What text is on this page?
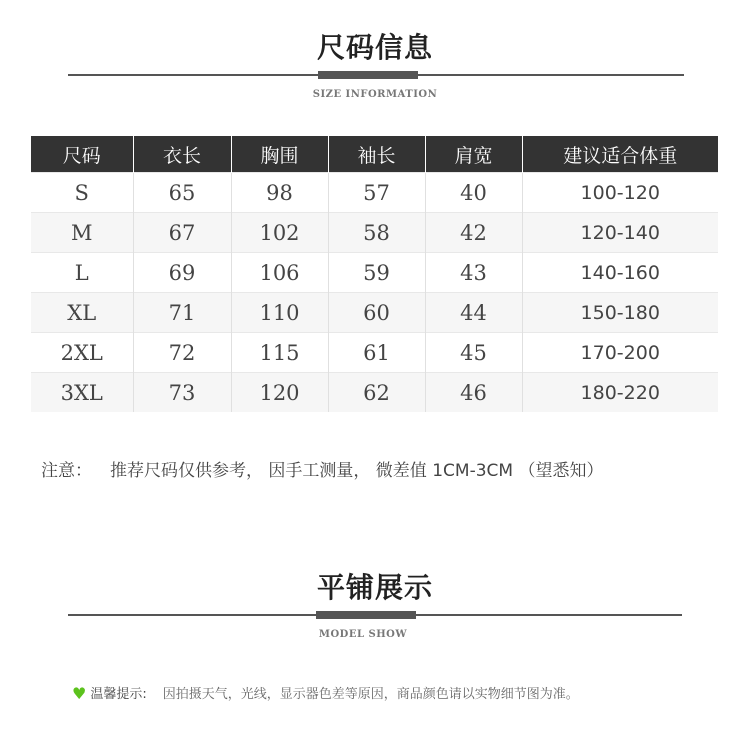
尺码信息
SIZE INFORMATION
尺码	衣长	胸围	袖长	肩宽	建议适合体重
S	65	98	57	40	100-120
M	67	102	58	42	120-140
L	69	106	59	43	140-160
XL	71	110	60	44	150-180
2XL	72	115	61	45	170-200
3XL	73	120	62	46	180-220
注意： 推荐尺码仅供参考， 因手工测量， 微差值 1CM-3CM （望悉知）
平铺展示
MODEL SHOW
♥ 温馨提示: 因拍摄天气，光线，显示器色差等原因，商品颜色请以实物细节图为准。
